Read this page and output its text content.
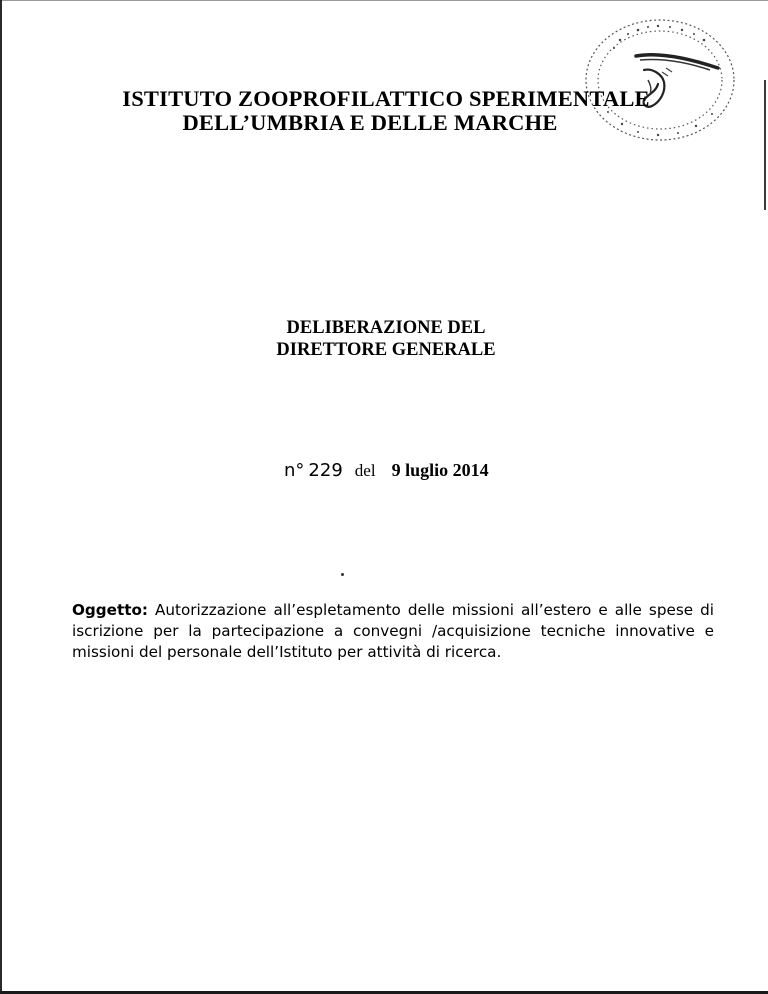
ISTITUTO ZOOPROFILATTICO SPERIMENTALE
DELL’UMBRIA E DELLE MARCHE
DELIBERAZIONE DEL
DIRETTORE GENERALE
n° 229 del 9 luglio 2014
Oggetto: Autorizzazione all’espletamento delle missioni all’estero e alle spese di iscrizione per la partecipazione a convegni /acquisizione tecniche innovative e missioni del personale dell’Istituto per attività di ricerca.
